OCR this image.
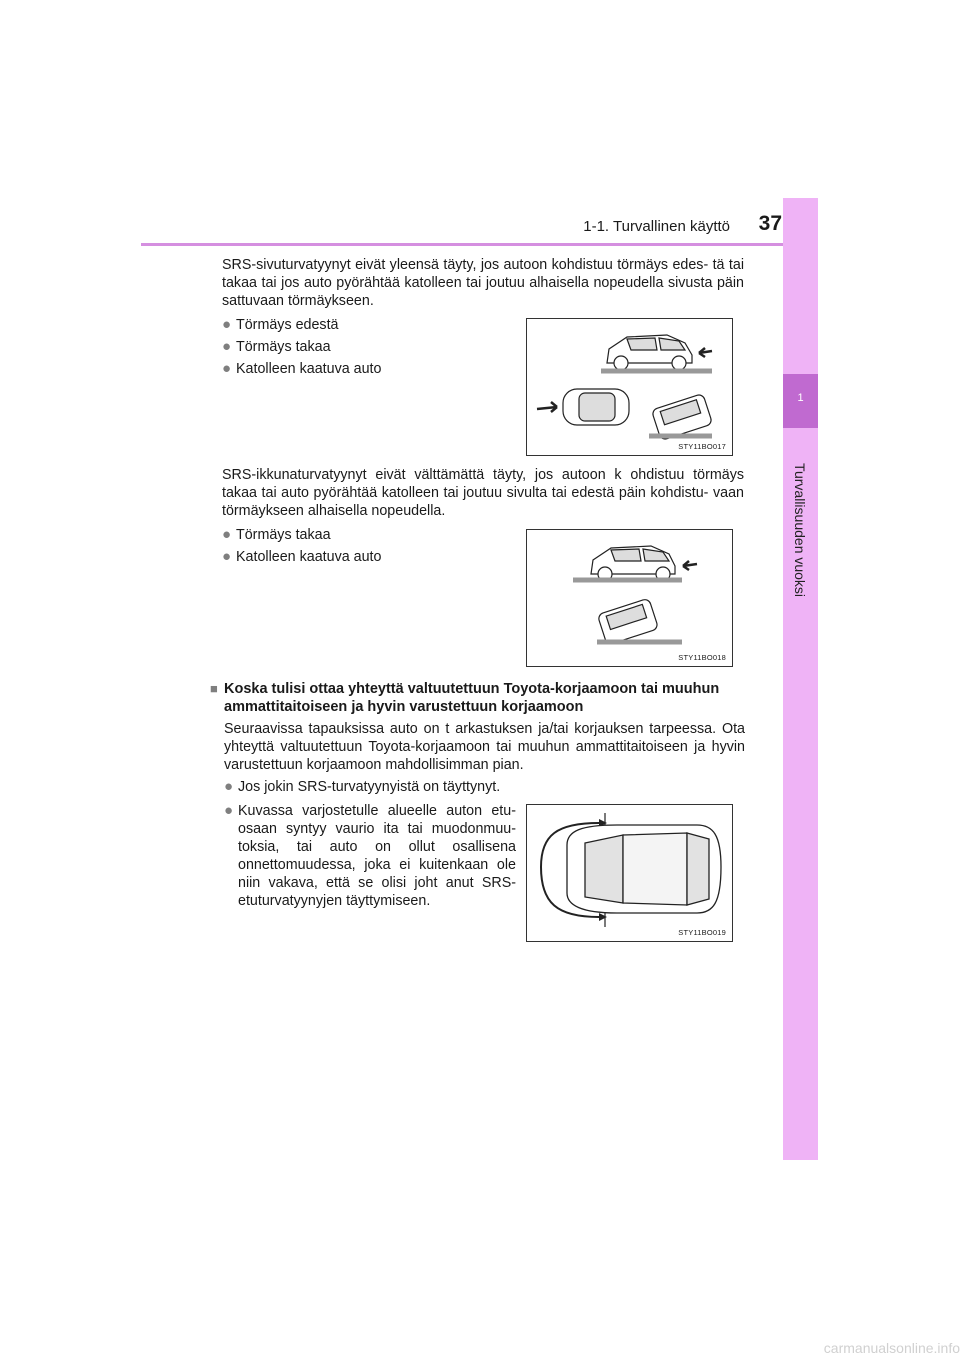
1-1. Turvallinen käyttö	37
1
Turvallisuuden vuoksi
SRS-sivuturvatyynyt eivät yleensä täyty, jos autoon kohdistuu törmäys edes- tä tai takaa tai jos auto pyörähtää katolleen tai joutuu alhaisella nopeudella sivusta päin sattuvaan törmäykseen.
● Törmäys edestä
● Törmäys takaa
● Katolleen kaatuva auto
STY11BO017
SRS-ikkunaturvatyynyt eivät välttämättä täyty, jos autoon k ohdistuu törmäys takaa tai auto pyörähtää katolleen tai joutuu sivulta tai edestä päin kohdistu- vaan törmäykseen alhaisella nopeudella.
● Törmäys takaa
● Katolleen kaatuva auto
STY11BO018
■ Koska tulisi ottaa yhteyttä valtuutettuun Toyota-korjaamoon tai muuhun ammattitaitoiseen ja hyvin varustettuun korjaamoon
Seuraavissa tapauksissa auto on t arkastuksen ja/tai korjauksen tarpeessa. Ota yhteyttä valtuutettuun Toyota-korjaamoon tai muuhun ammattitaitoiseen ja hyvin varustettuun korjaamoon mahdollisimman pian.
● Jos jokin SRS-turvatyynyistä on täyttynyt.
● Kuvassa varjostetulle alueelle auton etu- osaan syntyy vaurio ita tai muodonmuu- toksia, tai auto on ollut osallisena onnettomuudessa, joka ei kuitenkaan ole niin vakava, että se olisi joht anut SRS-etuturvatyynyjen täyttymiseen.
STY11BO019
carmanualsonline.info
